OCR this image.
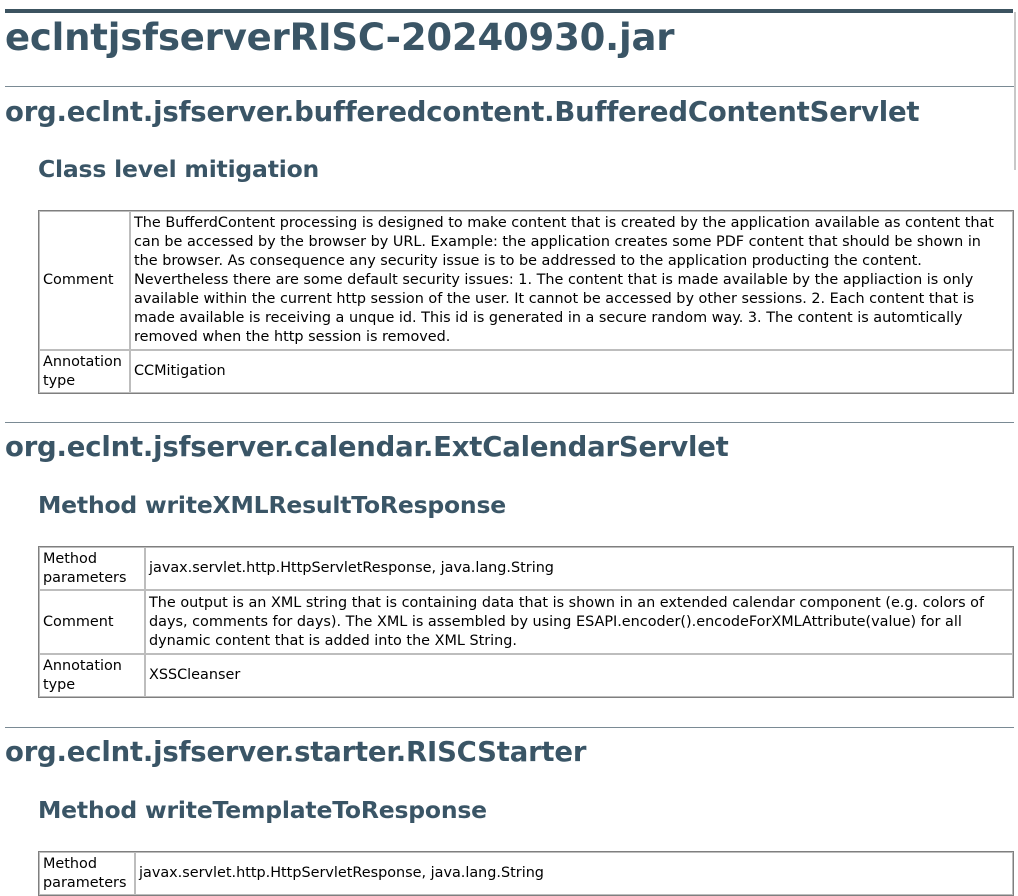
eclntjsfserverRISC-20240930.jar
org.eclnt.jsfserver.bufferedcontent.BufferedContentServlet
Class level mitigation
Comment	The BufferdContent processing is designed to make content that is created by the application available as content that can be accessed by the browser by URL. Example: the application creates some PDF content that should be shown in the browser. As consequence any security issue is to be addressed to the application producting the content. Nevertheless there are some default security issues: 1. The content that is made available by the appliaction is only available within the current http session of the user. It cannot be accessed by other sessions. 2. Each content that is made available is receiving a unque id. This id is generated in a secure random way. 3. The content is automtically removed when the http session is removed.
Annotation type	CCMitigation
org.eclnt.jsfserver.calendar.ExtCalendarServlet
Method writeXMLResultToResponse
Method parameters	javax.servlet.http.HttpServletResponse, java.lang.String
Comment	The output is an XML string that is containing data that is shown in an extended calendar component (e.g. colors of days, comments for days). The XML is assembled by using ESAPI.encoder().encodeForXMLAttribute(value) for all dynamic content that is added into the XML String.
Annotation type	XSSCleanser
org.eclnt.jsfserver.starter.RISCStarter
Method writeTemplateToResponse
Method parameters	javax.servlet.http.HttpServletResponse, java.lang.String
